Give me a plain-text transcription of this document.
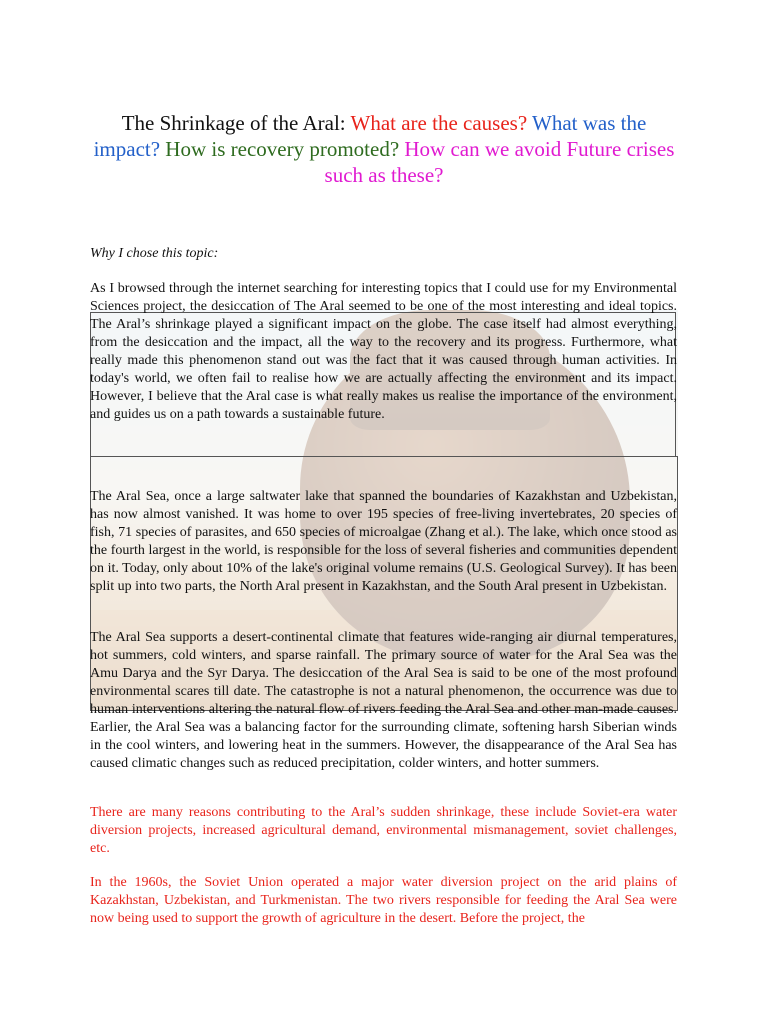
The Shrinkage of the Aral: What are the causes? What was the impact? How is recovery promoted? How can we avoid Future crises such as these?

Why I chose this topic:

As I browsed through the internet searching for interesting topics that I could use for my Environmental Sciences project, the desiccation of The Aral seemed to be one of the most interesting and ideal topics. The Aral’s shrinkage played a significant impact on the globe. The case itself had almost everything, from the desiccation and the impact, all the way to the recovery and its progress. Furthermore, what really made this phenomenon stand out was the fact that it was caused through human activities. In today's world, we often fail to realise how we are actually affecting the environment and its impact. However, I believe that the Aral case is what really makes us realise the importance of the environment, and guides us on a path towards a sustainable future.

The Aral Sea, once a large saltwater lake that spanned the boundaries of Kazakhstan and Uzbekistan, has now almost vanished. It was home to over 195 species of free-living invertebrates, 20 species of fish, 71 species of parasites, and 650 species of microalgae (Zhang et al.). The lake, which once stood as the fourth largest in the world, is responsible for the loss of several fisheries and communities dependent on it. Today, only about 10% of the lake's original volume remains (U.S. Geological Survey). It has been split up into two parts, the North Aral present in Kazakhstan, and the South Aral present in Uzbekistan.

The Aral Sea supports a desert-continental climate that features wide-ranging air diurnal temperatures, hot summers, cold winters, and sparse rainfall. The primary source of water for the Aral Sea was the Amu Darya and the Syr Darya. The desiccation of the Aral Sea is said to be one of the most profound environmental scares till date. The catastrophe is not a natural phenomenon, the occurrence was due to human interventions altering the natural flow of rivers feeding the Aral Sea and other man-made causes. Earlier, the Aral Sea was a balancing factor for the surrounding climate, softening harsh Siberian winds in the cool winters, and lowering heat in the summers. However, the disappearance of the Aral Sea has caused climatic changes such as reduced precipitation, colder winters, and hotter summers.

There are many reasons contributing to the Aral’s sudden shrinkage, these include Soviet-era water diversion projects, increased agricultural demand, environmental mismanagement, soviet challenges, etc.

In the 1960s, the Soviet Union operated a major water diversion project on the arid plains of Kazakhstan, Uzbekistan, and Turkmenistan. The two rivers responsible for feeding the Aral Sea were now being used to support the growth of agriculture in the desert. Before the project, the
